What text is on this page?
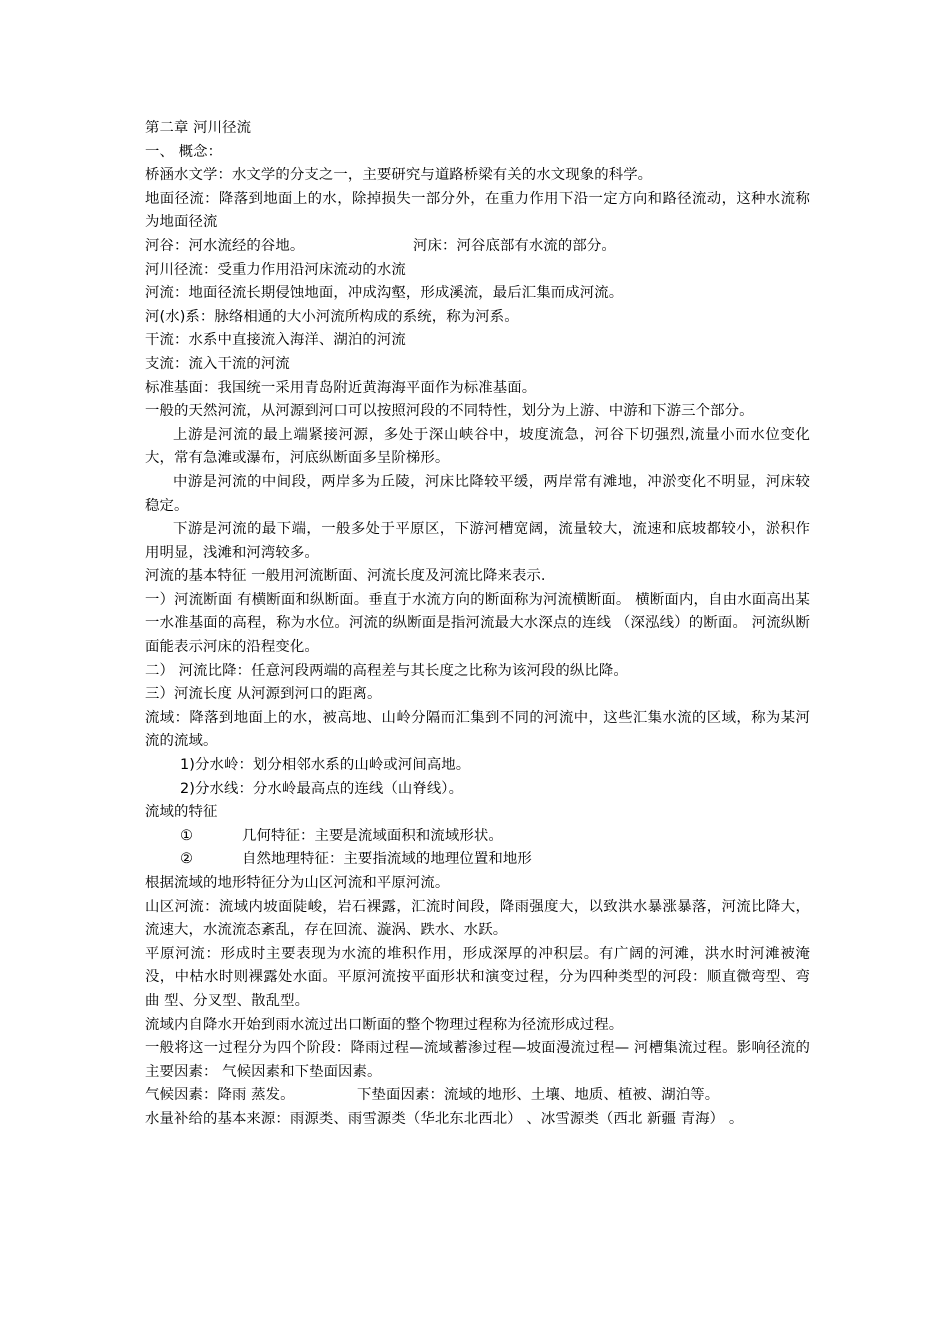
第二章 河川径流

一、 概念：

桥涵水文学：水文学的分支之一，主要研究与道路桥梁有关的水文现象的科学。

地面径流：降落到地面上的水，除掉损失一部分外，在重力作用下沿一定方向和路径流动，这种水流称为地面径流

河谷：河水流经的谷地。	河床：河谷底部有水流的部分。

河川径流：受重力作用沿河床流动的水流

河流：地面径流长期侵蚀地面，冲成沟壑，形成溪流，最后汇集而成河流。

河(水)系：脉络相通的大小河流所构成的系统，称为河系。

干流：水系中直接流入海洋、湖泊的河流

支流：流入干流的河流

标准基面：我国统一采用青岛附近黄海海平面作为标准基面。

一般的天然河流，从河源到河口可以按照河段的不同特性，划分为上游、中游和下游三个部分。

上游是河流的最上端紧接河源，多处于深山峡谷中，坡度流急，河谷下切强烈,流量小而水位变化大，常有急滩或瀑布，河底纵断面多呈阶梯形。

中游是河流的中间段，两岸多为丘陵，河床比降较平缓，两岸常有滩地，冲淤变化不明显，河床较稳定。

下游是河流的最下端，一般多处于平原区，下游河槽宽阔，流量较大，流速和底坡都较小，淤积作用明显，浅滩和河湾较多。

河流的基本特征 一般用河流断面、河流长度及河流比降来表示.

一）河流断面 有横断面和纵断面。垂直于水流方向的断面称为河流横断面。 横断面内，自由水面高出某一水准基面的高程，称为水位。河流的纵断面是指河流最大水深点的连线 （深泓线）的断面。 河流纵断面能表示河床的沿程变化。

二） 河流比降：任意河段两端的高程差与其长度之比称为该河段的纵比降。

三）河流长度 从河源到河口的距离。

流域：降落到地面上的水，被高地、山岭分隔而汇集到不同的河流中，这些汇集水流的区域，称为某河流的流域。

1)分水岭：划分相邻水系的山岭或河间高地。

2)分水线：分水岭最高点的连线（山脊线）。

流域的特征

①	几何特征：主要是流域面积和流域形状。
②	自然地理特征：主要指流域的地理位置和地形

根据流域的地形特征分为山区河流和平原河流。

山区河流：流域内坡面陡峻，岩石裸露，汇流时间段，降雨强度大，以致洪水暴涨暴落，河流比降大，流速大，水流流态紊乱，存在回流、漩涡、跌水、水跃。

平原河流：形成时主要表现为水流的堆积作用，形成深厚的冲积层。有广阔的河滩，洪水时河滩被淹没，中枯水时则裸露处水面。平原河流按平面形状和演变过程，分为四种类型的河段：顺直微弯型、弯曲 型、分叉型、散乱型。

流域内自降水开始到雨水流过出口断面的整个物理过程称为径流形成过程。

一般将这一过程分为四个阶段：降雨过程—流域蓄渗过程—坡面漫流过程— 河槽集流过程。影响径流的主要因素： 气候因素和下垫面因素。

气候因素：降雨 蒸发。	下垫面因素：流域的地形、土壤、地质、植被、湖泊等。

水量补给的基本来源：雨源类、雨雪源类（华北东北西北） 、冰雪源类（西北 新疆 青海） 。
